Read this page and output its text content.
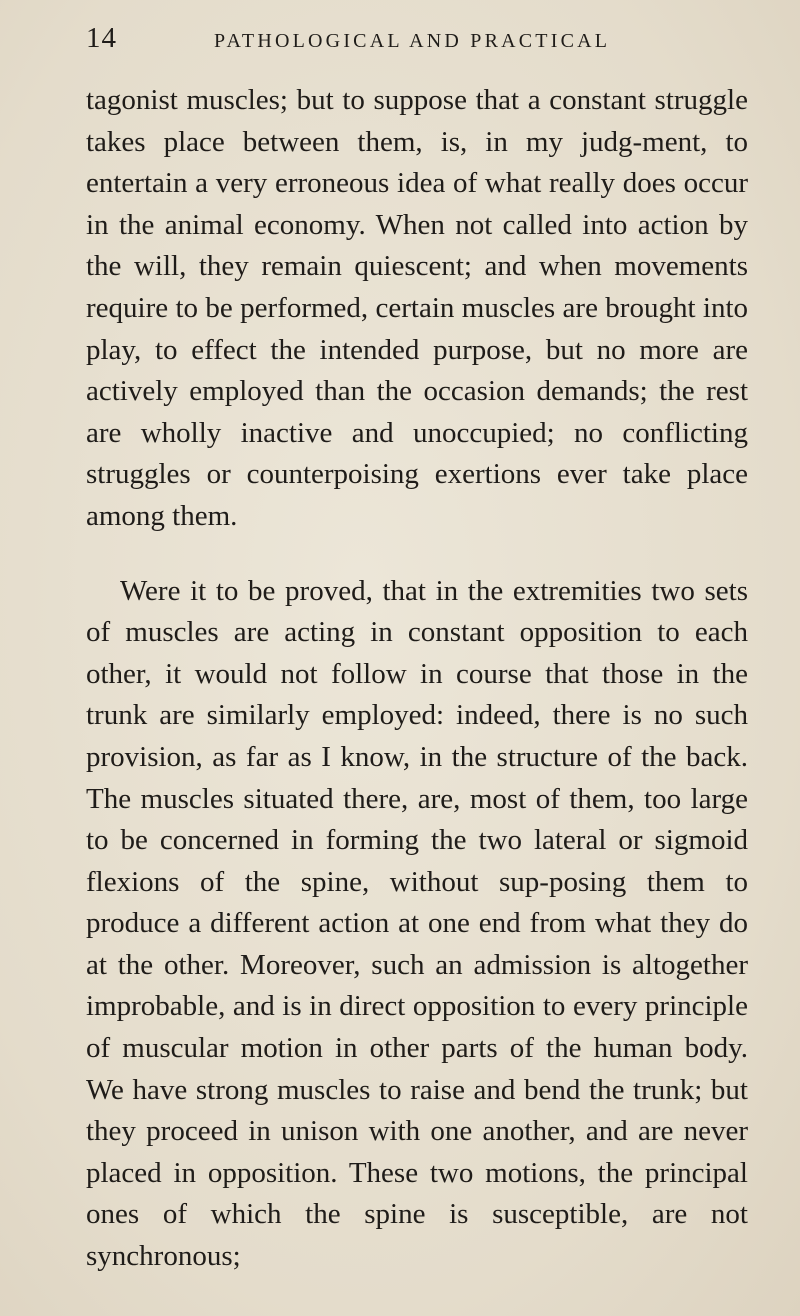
14	PATHOLOGICAL AND PRACTICAL

tagonist muscles; but to suppose that a constant struggle takes place between them, is, in my judg-ment, to entertain a very erroneous idea of what really does occur in the animal economy. When not called into action by the will, they remain quiescent; and when movements require to be performed, certain muscles are brought into play, to effect the intended purpose, but no more are actively employed than the occasion demands; the rest are wholly inactive and unoccupied; no conflicting struggles or counterpoising exertions ever take place among them.

Were it to be proved, that in the extremities two sets of muscles are acting in constant opposition to each other, it would not follow in course that those in the trunk are similarly employed: indeed, there is no such provision, as far as I know, in the structure of the back. The muscles situated there, are, most of them, too large to be concerned in forming the two lateral or sigmoid flexions of the spine, without sup-posing them to produce a different action at one end from what they do at the other. Moreover, such an admission is altogether improbable, and is in direct opposition to every principle of muscular motion in other parts of the human body. We have strong muscles to raise and bend the trunk; but they proceed in unison with one another, and are never placed in opposition. These two motions, the principal ones of which the spine is susceptible, are not synchronous;
